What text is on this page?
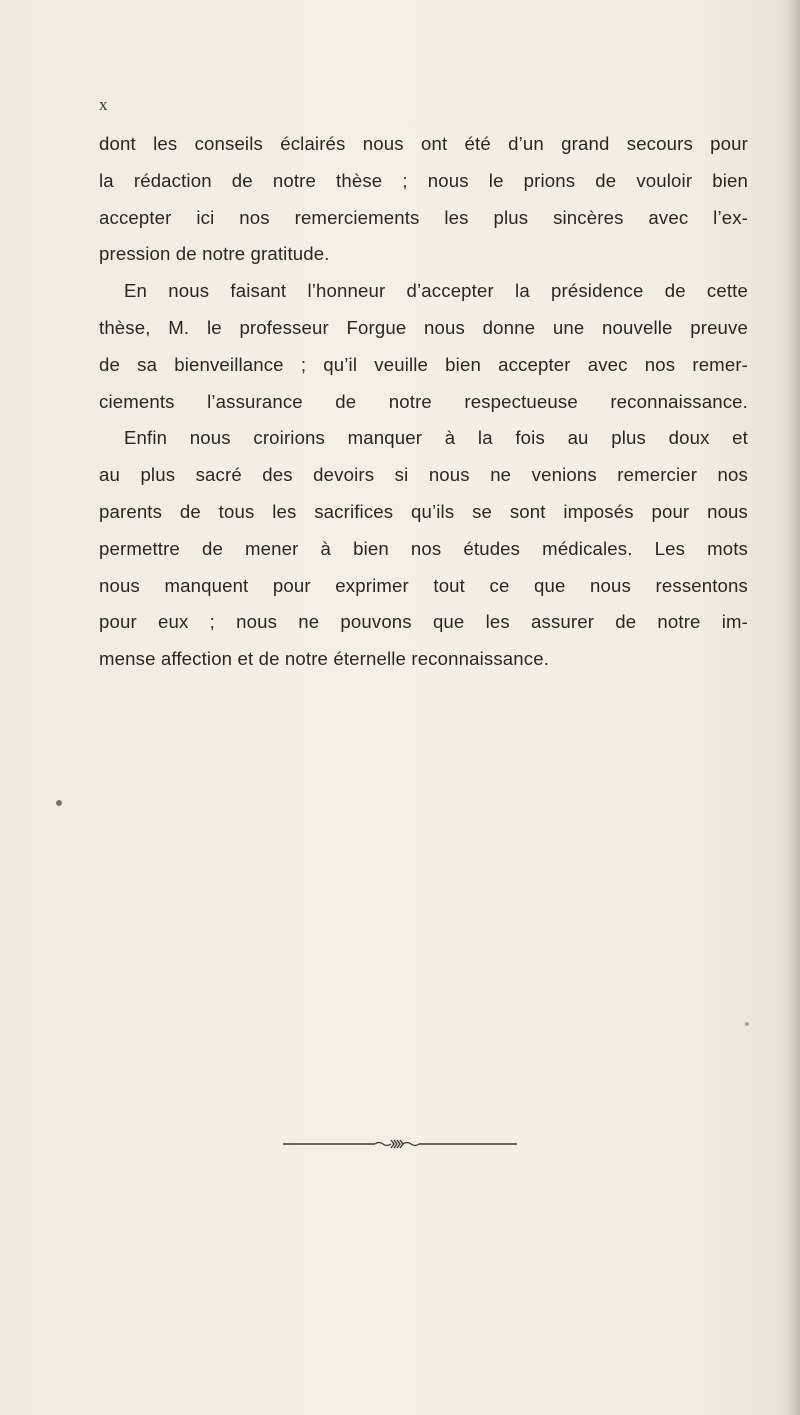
x
dont les conseils éclairés nous ont été d’un grand secours pour
la rédaction de notre thèse ; nous le prions de vouloir bien
accepter ici nos remerciements les plus sincères avec l’ex-
pression de notre gratitude.
En nous faisant l’honneur d’accepter la présidence de cette
thèse, M. le professeur Forgue nous donne une nouvelle preuve
de sa bienveillance ; qu’il veuille bien accepter avec nos remer-
ciements l’assurance de notre respectueuse reconnaissance.
Enfin nous croirions manquer à la fois au plus doux et
au plus sacré des devoirs si nous ne venions remercier nos
parents de tous les sacrifices qu’ils se sont imposés pour nous
permettre de mener à bien nos études médicales. Les mots
nous manquent pour exprimer tout ce que nous ressentons
pour eux ; nous ne pouvons que les assurer de notre im-
mense affection et de notre éternelle reconnaissance.
